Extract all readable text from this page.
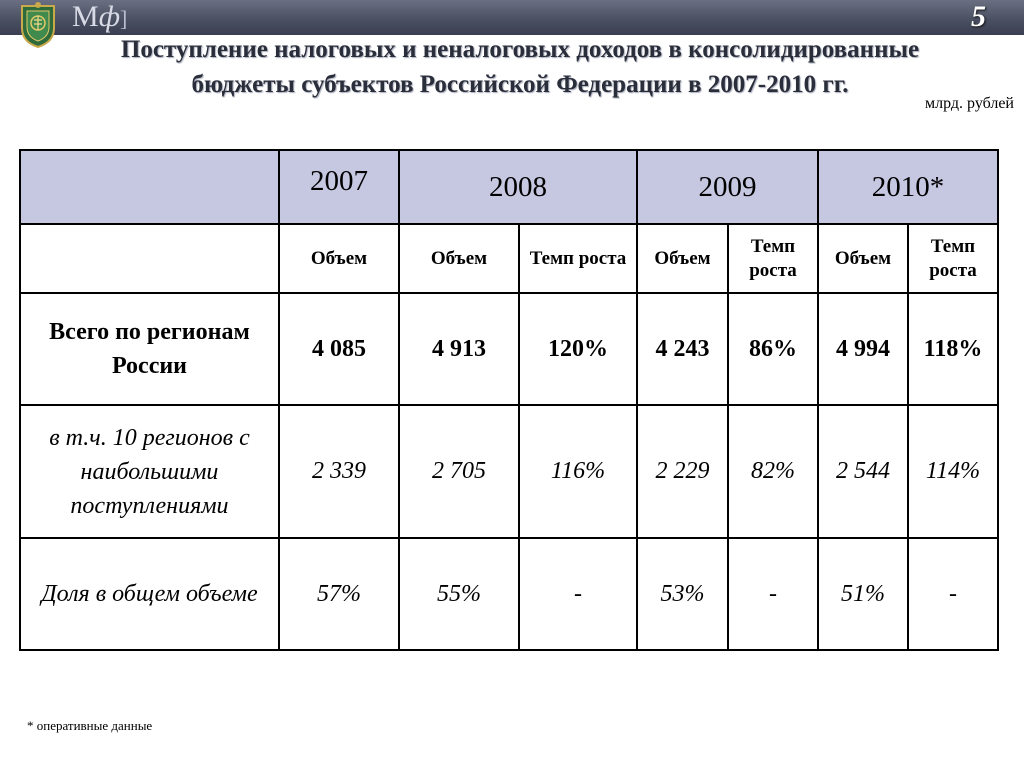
Мф]	5
Поступление налоговых и неналоговых доходов в консолидированные
бюджеты субъектов Российской Федерации в 2007-2010 гг.
млрд. рублей
	2007	2008		2009		2010*	
	Объем	Объем	Темп роста	Объем	Темп роста	Объем	Темп роста
Всего по регионам России	4 085	4 913	120%	4 243	86%	4 994	118%
в т.ч. 10 регионов с наибольшими поступлениями	2 339	2 705	116%	2 229	82%	2 544	114%
Доля в общем объеме	57%	55%	-	53%	-	51%	-
* оперативные данные
